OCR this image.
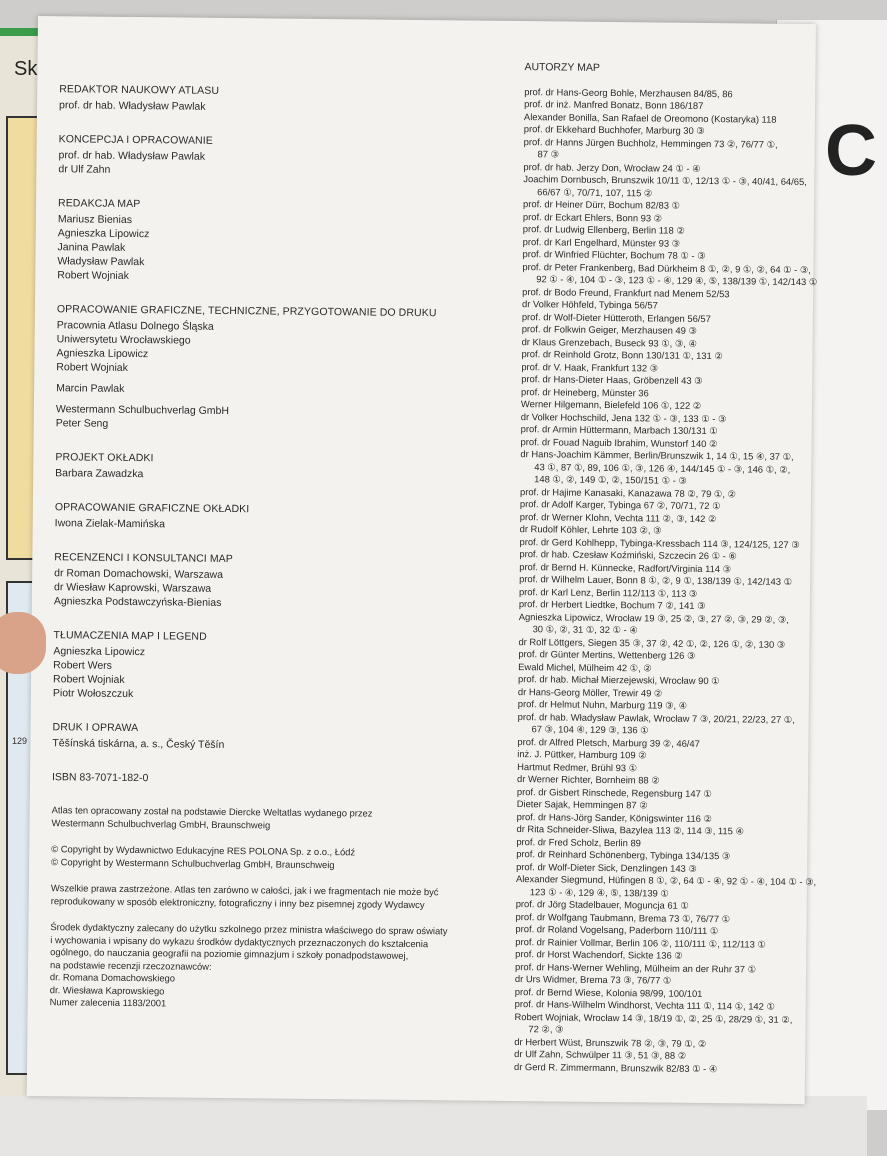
Sk
129
C
REDAKTOR NAUKOWY ATLASU
prof. dr hab. Władysław Pawlak
KONCEPCJA I OPRACOWANIE
prof. dr hab. Władysław Pawlak
dr Ulf Zahn
REDAKCJA MAP
Mariusz Bienias
Agnieszka Lipowicz
Janina Pawlak
Władysław Pawlak
Robert Wojniak
OPRACOWANIE GRAFICZNE, TECHNICZNE, PRZYGOTOWANIE DO DRUKU
Pracownia Atlasu Dolnego Śląska
Uniwersytetu Wrocławskiego
Agnieszka Lipowicz
Robert Wojniak
Marcin Pawlak
Westermann Schulbuchverlag GmbH
Peter Seng
PROJEKT OKŁADKI
Barbara Zawadzka
OPRACOWANIE GRAFICZNE OKŁADKI
Iwona Zielak-Mamińska
RECENZENCI I KONSULTANCI MAP
dr Roman Domachowski, Warszawa
dr Wiesław Kaprowski, Warszawa
Agnieszka Podstawczyńska-Bienias
TŁUMACZENIA MAP I LEGEND
Agnieszka Lipowicz
Robert Wers
Robert Wojniak
Piotr Wołoszczuk
DRUK I OPRAWA
Těšínská tiskárna, a. s., Český Těšín
ISBN 83-7071-182-0
Atlas ten opracowany został na podstawie Diercke Weltatlas wydanego przez
Westermann Schulbuchverlag GmbH, Braunschweig
© Copyright by Wydawnictwo Edukacyjne RES POLONA Sp. z o.o., Łódź
© Copyright by Westermann Schulbuchverlag GmbH, Braunschweig
Wszelkie prawa zastrzeżone. Atlas ten zarówno w całości, jak i we fragmentach nie może być
reprodukowany w sposób elektroniczny, fotograficzny i inny bez pisemnej zgody Wydawcy
Środek dydaktyczny zalecany do użytku szkolnego przez ministra właściwego do spraw oświaty
i wychowania i wpisany do wykazu środków dydaktycznych przeznaczonych do kształcenia
ogólnego, do nauczania geografii na poziomie gimnazjum i szkoły ponadpodstawowej,
na podstawie recenzji rzeczoznawców:
dr. Romana Domachowskiego
dr. Wiesława Kaprowskiego
Numer zalecenia 1183/2001
AUTORZY MAP
prof. dr Hans-Georg Bohle, Merzhausen 84/85, 86
prof. dr inż. Manfred Bonatz, Bonn 186/187
Alexander Bonilla, San Rafael de Oreomono (Kostaryka) 118
prof. dr Ekkehard Buchhofer, Marburg 30 ③
prof. dr Hanns Jürgen Buchholz, Hemmingen 73 ②, 76/77 ①,
87 ③
prof. dr hab. Jerzy Don, Wrocław 24 ① - ④
Joachim Dornbusch, Brunszwik 10/11 ①, 12/13 ① - ③, 40/41, 64/65,
66/67 ①, 70/71, 107, 115 ②
prof. dr Heiner Dürr, Bochum 82/83 ①
prof. dr Eckart Ehlers, Bonn 93 ②
prof. dr Ludwig Ellenberg, Berlin 118 ②
prof. dr Karl Engelhard, Münster 93 ③
prof. dr Winfried Flüchter, Bochum 78 ① - ③
prof. dr Peter Frankenberg, Bad Dürkheim 8 ①, ②, 9 ①, ②, 64 ① - ③,
92 ① - ④, 104 ① - ③, 123 ① - ④, 129 ④, ⑤, 138/139 ①, 142/143 ①
prof. dr Bodo Freund, Frankfurt nad Menem 52/53
dr Volker Höhfeld, Tybinga 56/57
prof. dr Wolf-Dieter Hütteroth, Erlangen 56/57
prof. dr Folkwin Geiger, Merzhausen 49 ③
dr Klaus Grenzebach, Buseck 93 ①, ③, ④
prof. dr Reinhold Grotz, Bonn 130/131 ①, 131 ②
prof. dr V. Haak, Frankfurt 132 ③
prof. dr Hans-Dieter Haas, Gröbenzell 43 ③
prof. dr Heineberg, Münster 36
Werner Hilgemann, Bielefeld 106 ①, 122 ②
dr Volker Hochschild, Jena 132 ① - ③, 133 ① - ③
prof. dr Armin Hüttermann, Marbach 130/131 ①
prof. dr Fouad Naguib Ibrahim, Wunstorf 140 ②
dr Hans-Joachim Kämmer, Berlin/Brunszwik 1, 14 ①, 15 ④, 37 ①,
43 ①, 87 ①, 89, 106 ①, ③, 126 ④, 144/145 ① - ③, 146 ①, ②,
148 ①, ②, 149 ①, ②, 150/151 ① - ③
prof. dr Hajime Kanasaki, Kanazawa 78 ②, 79 ①, ②
prof. dr Adolf Karger, Tybinga 67 ②, 70/71, 72 ①
prof. dr Werner Klohn, Vechta 111 ②, ③, 142 ②
dr Rudolf Köhler, Lehrte 103 ②, ③
prof. dr Gerd Kohlhepp, Tybinga-Kressbach 114 ③, 124/125, 127 ③
prof. dr hab. Czesław Koźmiński, Szczecin 26 ① - ⑥
prof. dr Bernd H. Künnecke, Radfort/Virginia 114 ③
prof. dr Wilhelm Lauer, Bonn 8 ①, ②, 9 ①, 138/139 ①, 142/143 ①
prof. dr Karl Lenz, Berlin 112/113 ①, 113 ③
prof. dr Herbert Liedtke, Bochum 7 ②, 141 ③
Agnieszka Lipowicz, Wrocław 19 ③, 25 ②, ③, 27 ②, ③, 29 ②, ③,
30 ①, ②, 31 ①, 32 ① - ④
dr Rolf Löttgers, Siegen 35 ③, 37 ②, 42 ①, ②, 126 ①, ②, 130 ③
prof. dr Günter Mertins, Wettenberg 126 ③
Ewald Michel, Mülheim 42 ①, ②
prof. dr hab. Michał Mierzejewski, Wrocław 90 ①
dr Hans-Georg Möller, Trewir 49 ②
prof. dr Helmut Nuhn, Marburg 119 ③, ④
prof. dr hab. Władysław Pawlak, Wrocław 7 ③, 20/21, 22/23, 27 ①,
67 ③, 104 ④, 129 ③, 136 ①
prof. dr Alfred Pletsch, Marburg 39 ②, 46/47
inż. J. Püttker, Hamburg 109 ②
Hartmut Redmer, Brühl 93 ①
dr Werner Richter, Bornheim 88 ②
prof. dr Gisbert Rinschede, Regensburg 147 ①
Dieter Sajak, Hemmingen 87 ②
prof. dr Hans-Jörg Sander, Königswinter 116 ②
dr Rita Schneider-Sliwa, Bazylea 113 ②, 114 ③, 115 ④
prof. dr Fred Scholz, Berlin 89
prof. dr Reinhard Schönenberg, Tybinga 134/135 ③
prof. dr Wolf-Dieter Sick, Denzlingen 143 ③
Alexander Siegmund, Hüfingen 8 ①, ②, 64 ① - ④, 92 ① - ④, 104 ① - ③,
123 ① - ④, 129 ④, ⑤, 138/139 ①
prof. dr Jörg Stadelbauer, Moguncja 61 ①
prof. dr Wolfgang Taubmann, Brema 73 ①, 76/77 ①
prof. dr Roland Vogelsang, Paderborn 110/111 ①
prof. dr Rainier Vollmar, Berlin 106 ②, 110/111 ①, 112/113 ①
prof. dr Horst Wachendorf, Sickte 136 ②
prof. dr Hans-Werner Wehling, Mülheim an der Ruhr 37 ①
dr Urs Widmer, Brema 73 ③, 76/77 ①
prof. dr Bernd Wiese, Kolonia 98/99, 100/101
prof. dr Hans-Wilhelm Windhorst, Vechta 111 ①, 114 ①, 142 ①
Robert Wojniak, Wrocław 14 ③, 18/19 ①, ②, 25 ①, 28/29 ①, 31 ②,
72 ②, ③
dr Herbert Wüst, Brunszwik 78 ②, ③, 79 ①, ②
dr Ulf Zahn, Schwülper 11 ③, 51 ③, 88 ②
dr Gerd R. Zimmermann, Brunszwik 82/83 ① - ④
